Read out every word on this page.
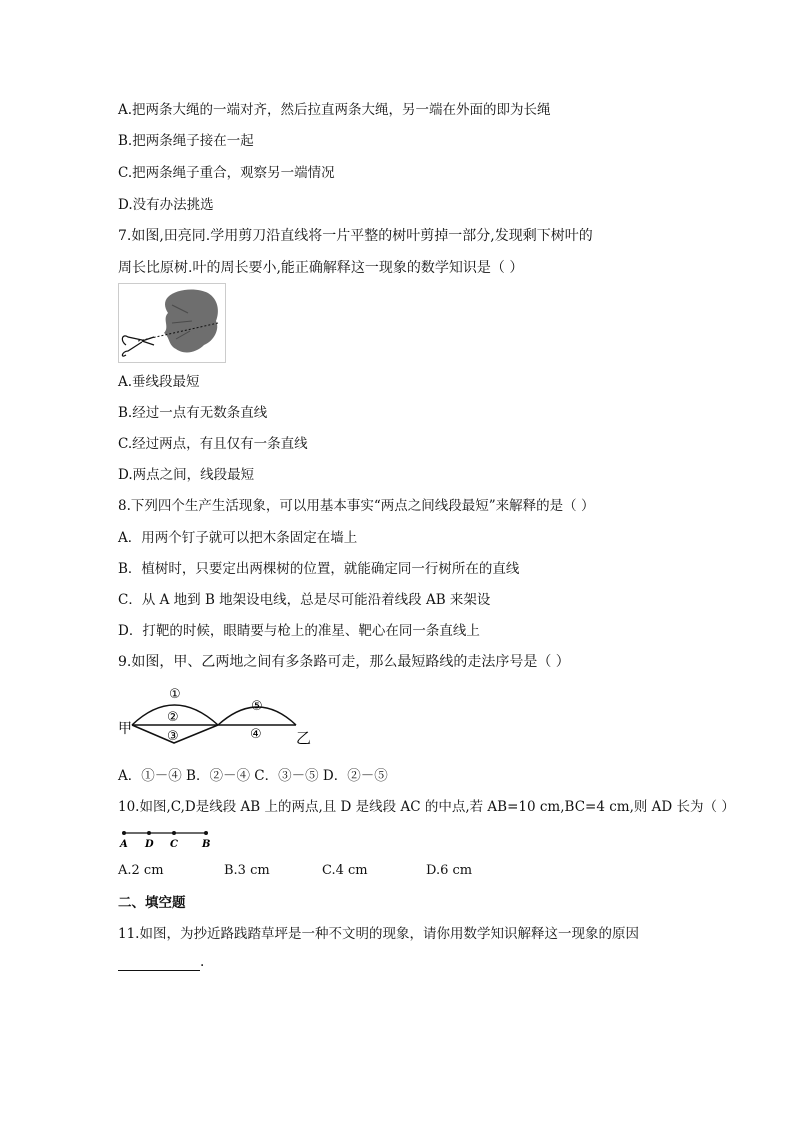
A.把两条大绳的一端对齐，然后拉直两条大绳，另一端在外面的即为长绳
B.把两条绳子接在一起
C.把两条绳子重合，观察另一端情况
D.没有办法挑选
7.如图,田亮同.学用剪刀沿直线将一片平整的树叶剪掉一部分,发现剩下树叶的
周长比原树.叶的周长要小,能正确解释这一现象的数学知识是（ ）
A.垂线段最短
B.经过一点有无数条直线
C.经过两点，有且仅有一条直线
D.两点之间，线段最短
8.下列四个生产生活现象，可以用基本事实“两点之间线段最短”来解释的是（ ）
A．用两个钉子就可以把木条固定在墙上
B．植树时，只要定出两棵树的位置，就能确定同一行树所在的直线
C．从 A 地到 B 地架设电线，总是尽可能沿着线段 AB 来架设
D．打靶的时候，眼睛要与枪上的准星、靶心在同一条直线上
9.如图，甲、乙两地之间有多条路可走，那么最短路线的走法序号是（ ）
甲	乙
①
②
③	④
⑤
A．①－④ B．②－④ C．③－⑤ D．②－⑤
10.如图,C,D是线段 AB 上的两点,且 D 是线段 AC 的中点,若 AB=10 cm,BC=4 cm,则 AD 长为（ ）
A D C B
A.2 cm	B.3 cm	C.4 cm	D.6 cm
二、填空题
11.如图，为抄近路践踏草坪是一种不文明的现象，请你用数学知识解释这一现象的原因
.
